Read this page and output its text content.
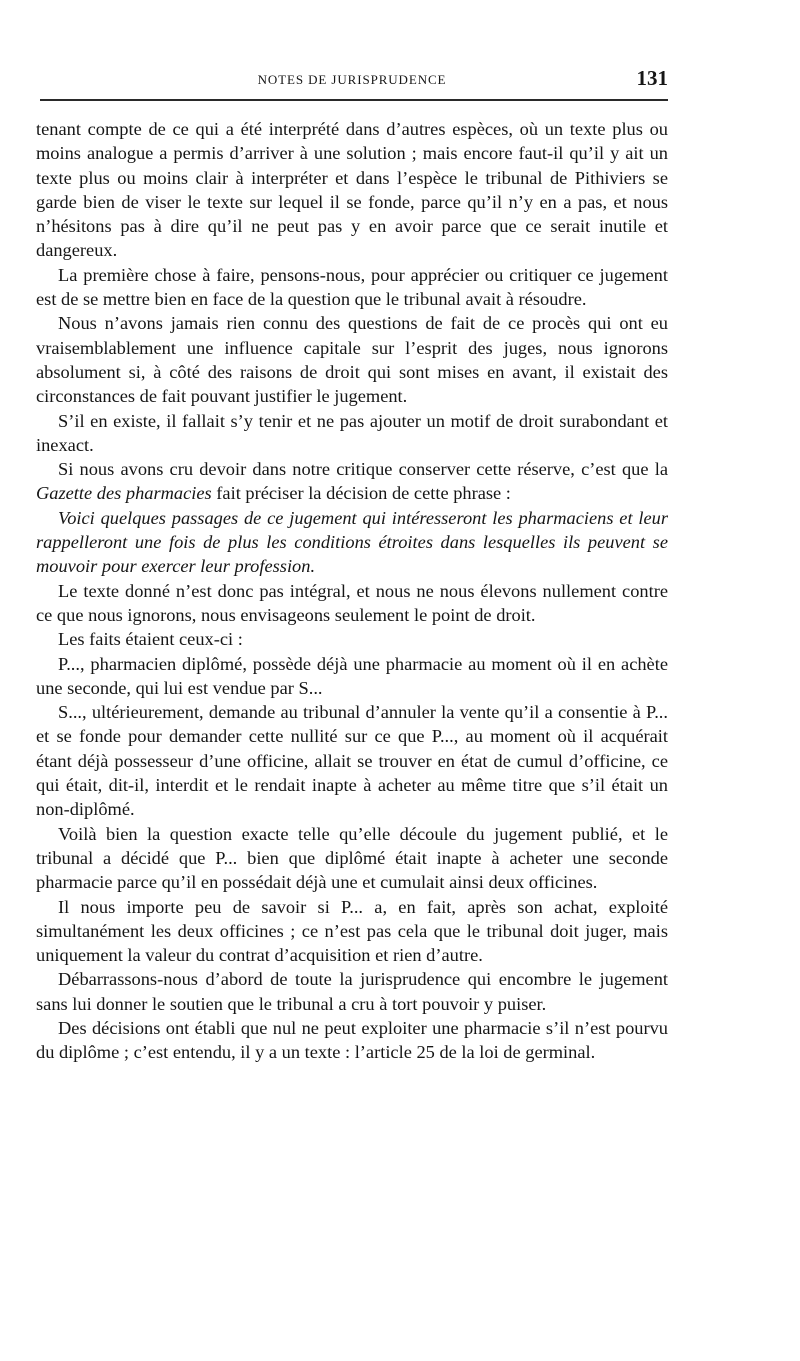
NOTES DE JURISPRUDENCE	131

tenant compte de ce qui a été interprété dans d’autres espèces, où un texte plus ou moins analogue a permis d’arriver à une solution ; mais encore faut-il qu’il y ait un texte plus ou moins clair à interpréter et dans l’espèce le tribunal de Pithiviers se garde bien de viser le texte sur lequel il se fonde, parce qu’il n’y en a pas, et nous n’hésitons pas à dire qu’il ne peut pas y en avoir parce que ce serait inutile et dangereux.

La première chose à faire, pensons-nous, pour apprécier ou critiquer ce jugement est de se mettre bien en face de la question que le tribunal avait à résoudre.

Nous n’avons jamais rien connu des questions de fait de ce procès qui ont eu vraisemblablement une influence capitale sur l’esprit des juges, nous ignorons absolument si, à côté des raisons de droit qui sont mises en avant, il existait des circonstances de fait pouvant justifier le jugement.

S’il en existe, il fallait s’y tenir et ne pas ajouter un motif de droit surabondant et inexact.

Si nous avons cru devoir dans notre critique conserver cette réserve, c’est que la Gazette des pharmacies fait préciser la décision de cette phrase :

Voici quelques passages de ce jugement qui intéresseront les pharmaciens et leur rappelleront une fois de plus les conditions étroites dans lesquelles ils peuvent se mouvoir pour exercer leur profession.

Le texte donné n’est donc pas intégral, et nous ne nous élevons nullement contre ce que nous ignorons, nous envisageons seulement le point de droit.

Les faits étaient ceux-ci :

P..., pharmacien diplômé, possède déjà une pharmacie au moment où il en achète une seconde, qui lui est vendue par S...

S..., ultérieurement, demande au tribunal d’annuler la vente qu’il a consentie à P... et se fonde pour demander cette nullité sur ce que P..., au moment où il acquérait étant déjà possesseur d’une officine, allait se trouver en état de cumul d’officine, ce qui était, dit-il, interdit et le rendait inapte à acheter au même titre que s’il était un non-diplômé.

Voilà bien la question exacte telle qu’elle découle du jugement publié, et le tribunal a décidé que P... bien que diplômé était inapte à acheter une seconde pharmacie parce qu’il en possédait déjà une et cumulait ainsi deux officines.

Il nous importe peu de savoir si P... a, en fait, après son achat, exploité simultanément les deux officines ; ce n’est pas cela que le tribunal doit juger, mais uniquement la valeur du contrat d’acquisition et rien d’autre.

Débarrassons-nous d’abord de toute la jurisprudence qui encombre le jugement sans lui donner le soutien que le tribunal a cru à tort pouvoir y puiser.

Des décisions ont établi que nul ne peut exploiter une pharmacie s’il n’est pourvu du diplôme ; c’est entendu, il y a un texte : l’article 25 de la loi de germinal.
